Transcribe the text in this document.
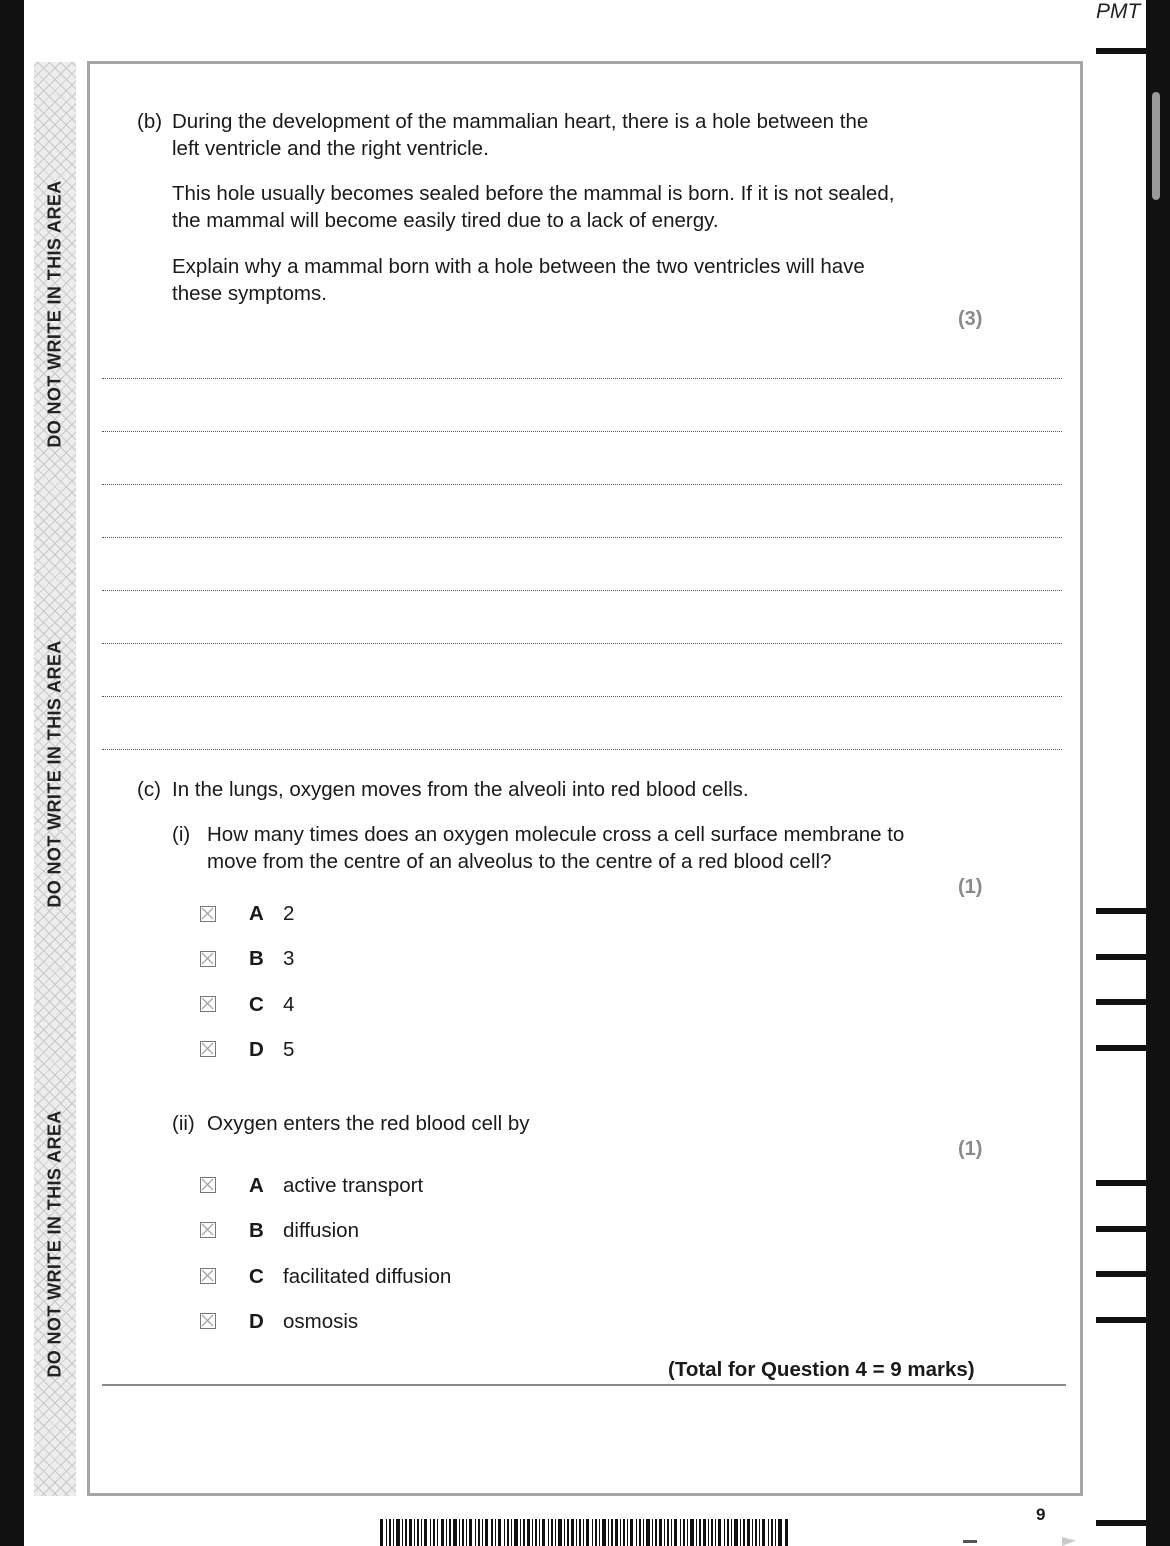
PMT
DO NOT WRITE IN THIS AREA
DO NOT WRITE IN THIS AREA
DO NOT WRITE IN THIS AREA
(b) During the development of the mammalian heart, there is a hole between the
left ventricle and the right ventricle.
This hole usually becomes sealed before the mammal is born. If it is not sealed,
the mammal will become easily tired due to a lack of energy.
Explain why a mammal born with a hole between the two ventricles will have
these symptoms.
(3)
(c) In the lungs, oxygen moves from the alveoli into red blood cells.
(i) How many times does an oxygen molecule cross a cell surface membrane to
move from the centre of an alveolus to the centre of a red blood cell?
(1)
A 2
B 3
C 4
D 5
(ii) Oxygen enters the red blood cell by
(1)
A active transport
B diffusion
C facilitated diffusion
D osmosis
(Total for Question 4 = 9 marks)
9
